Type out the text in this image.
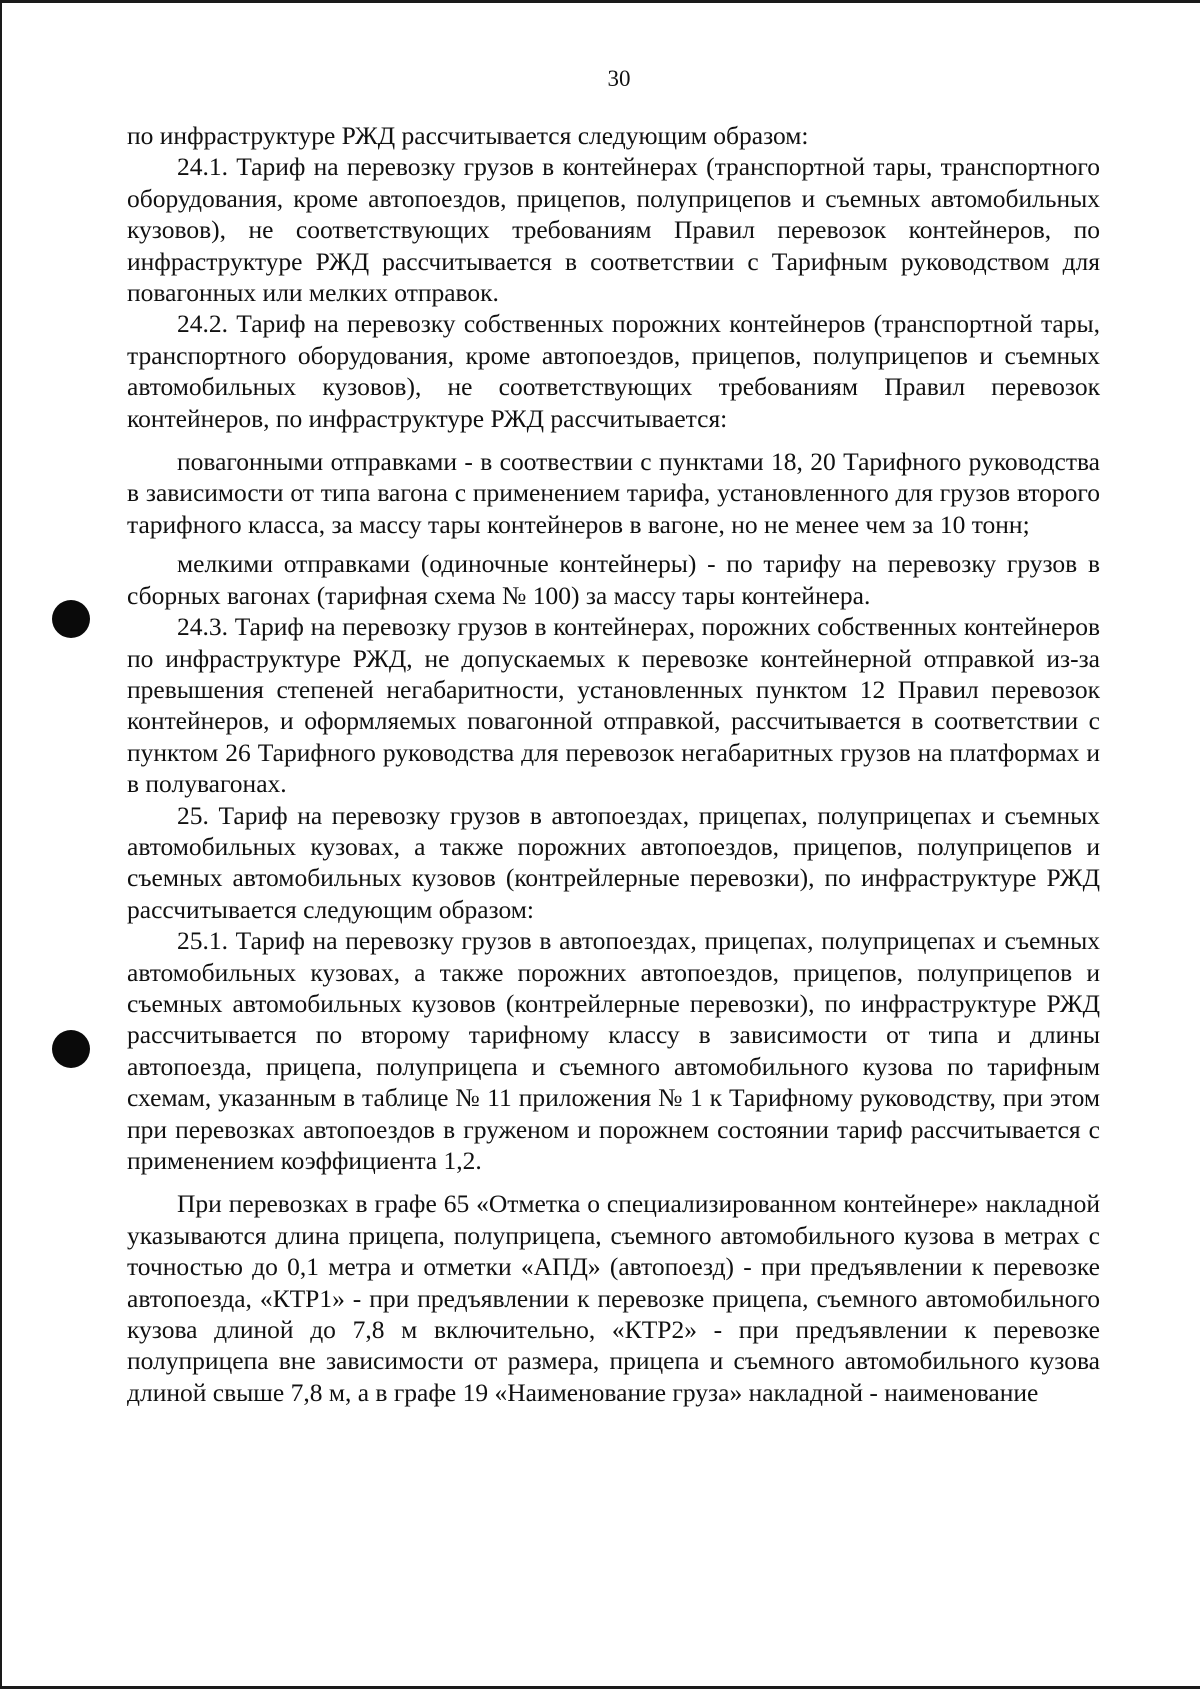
30

по инфраструктуре РЖД рассчитывается следующим образом:

24.1. Тариф на перевозку грузов в контейнерах (транспортной тары, транспортного оборудования, кроме автопоездов, прицепов, полуприцепов и съемных автомобильных кузовов), не соответствующих требованиям Правил перевозок контейнеров, по инфраструктуре РЖД рассчитывается в соответствии с Тарифным руководством для повагонных или мелких отправок.

24.2. Тариф на перевозку собственных порожних контейнеров (транспортной тары, транспортного оборудования, кроме автопоездов, прицепов, полуприцепов и съемных автомобильных кузовов), не соответствующих требованиям Правил перевозок контейнеров, по инфраструктуре РЖД рассчитывается:

повагонными отправками - в соотвествии с пунктами 18, 20 Тарифного руководства в зависимости от типа вагона с применением тарифа, установленного для грузов второго тарифного класса, за массу тары контейнеров в вагоне, но не менее чем за 10 тонн;

мелкими отправками (одиночные контейнеры) - по тарифу на перевозку грузов в сборных вагонах (тарифная схема № 100) за массу тары контейнера.

24.3. Тариф на перевозку грузов в контейнерах, порожних собственных контейнеров по инфраструктуре РЖД, не допускаемых к перевозке контейнерной отправкой из-за превышения степеней негабаритности, установленных пунктом 12 Правил перевозок контейнеров, и оформляемых повагонной отправкой, рассчитывается в соответствии с пунктом 26 Тарифного руководства для перевозок негабаритных грузов на платформах и в полувагонах.

25. Тариф на перевозку грузов в автопоездах, прицепах, полуприцепах и съемных автомобильных кузовах, а также порожних автопоездов, прицепов, полуприцепов и съемных автомобильных кузовов (контрейлерные перевозки), по инфраструктуре РЖД рассчитывается следующим образом:

25.1. Тариф на перевозку грузов в автопоездах, прицепах, полуприцепах и съемных автомобильных кузовах, а также порожних автопоездов, прицепов, полуприцепов и съемных автомобильных кузовов (контрейлерные перевозки), по инфраструктуре РЖД рассчитывается по второму тарифному классу в зависимости от типа и длины автопоезда, прицепа, полуприцепа и съемного автомобильного кузова по тарифным схемам, указанным в таблице № 11 приложения № 1 к Тарифному руководству, при этом при перевозках автопоездов в груженом и порожнем состоянии тариф рассчитывается с применением коэффициента 1,2.

При перевозках в графе 65 «Отметка о специализированном контейнере» накладной указываются длина прицепа, полуприцепа, съемного автомобильного кузова в метрах с точностью до 0,1 метра и отметки «АПД» (автопоезд) - при предъявлении к перевозке автопоезда, «КТР1» - при предъявлении к перевозке прицепа, съемного автомобильного кузова длиной до 7,8 м включительно, «КТР2» - при предъявлении к перевозке полуприцепа вне зависимости от размера, прицепа и съемного автомобильного кузова длиной свыше 7,8 м, а в графе 19 «Наименование груза» накладной - наименование
